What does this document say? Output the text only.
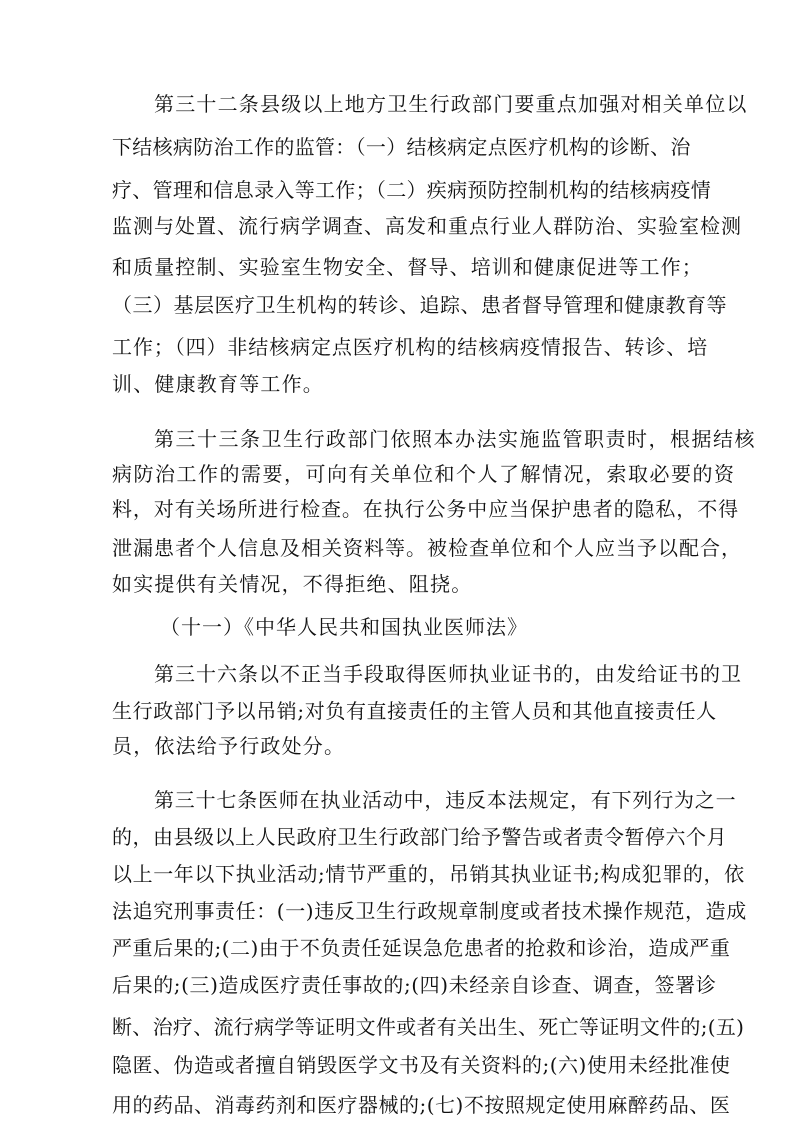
第三十二条县级以上地方卫生行政部门要重点加强对相关单位以

下结核病防治工作的监管：（一）结核病定点医疗机构的诊断、治

疗、管理和信息录入等工作；（二）疾病预防控制机构的结核病疫情

监测与处置、流行病学调查、高发和重点行业人群防治、实验室检测

和质量控制、实验室生物安全、督导、培训和健康促进等工作；

（三）基层医疗卫生机构的转诊、追踪、患者督导管理和健康教育等

工作；（四）非结核病定点医疗机构的结核病疫情报告、转诊、培

训、健康教育等工作。

第三十三条卫生行政部门依照本办法实施监管职责时，根据结核

病防治工作的需要，可向有关单位和个人了解情况，索取必要的资

料，对有关场所进行检查。在执行公务中应当保护患者的隐私，不得

泄漏患者个人信息及相关资料等。被检查单位和个人应当予以配合，

如实提供有关情况，不得拒绝、阻挠。

（十一）《中华人民共和国执业医师法》

第三十六条以不正当手段取得医师执业证书的，由发给证书的卫

生行政部门予以吊销;对负有直接责任的主管人员和其他直接责任人

员，依法给予行政处分。

第三十七条医师在执业活动中，违反本法规定，有下列行为之一

的，由县级以上人民政府卫生行政部门给予警告或者责令暂停六个月

以上一年以下执业活动;情节严重的，吊销其执业证书;构成犯罪的，依

法追究刑事责任：(一)违反卫生行政规章制度或者技术操作规范，造成

严重后果的;(二)由于不负责任延误急危患者的抢救和诊治，造成严重

后果的;(三)造成医疗责任事故的;(四)未经亲自诊查、调查，签署诊

断、治疗、流行病学等证明文件或者有关出生、死亡等证明文件的;(五)

隐匿、伪造或者擅自销毁医学文书及有关资料的;(六)使用未经批准使

用的药品、消毒药剂和医疗器械的;(七)不按照规定使用麻醉药品、医
